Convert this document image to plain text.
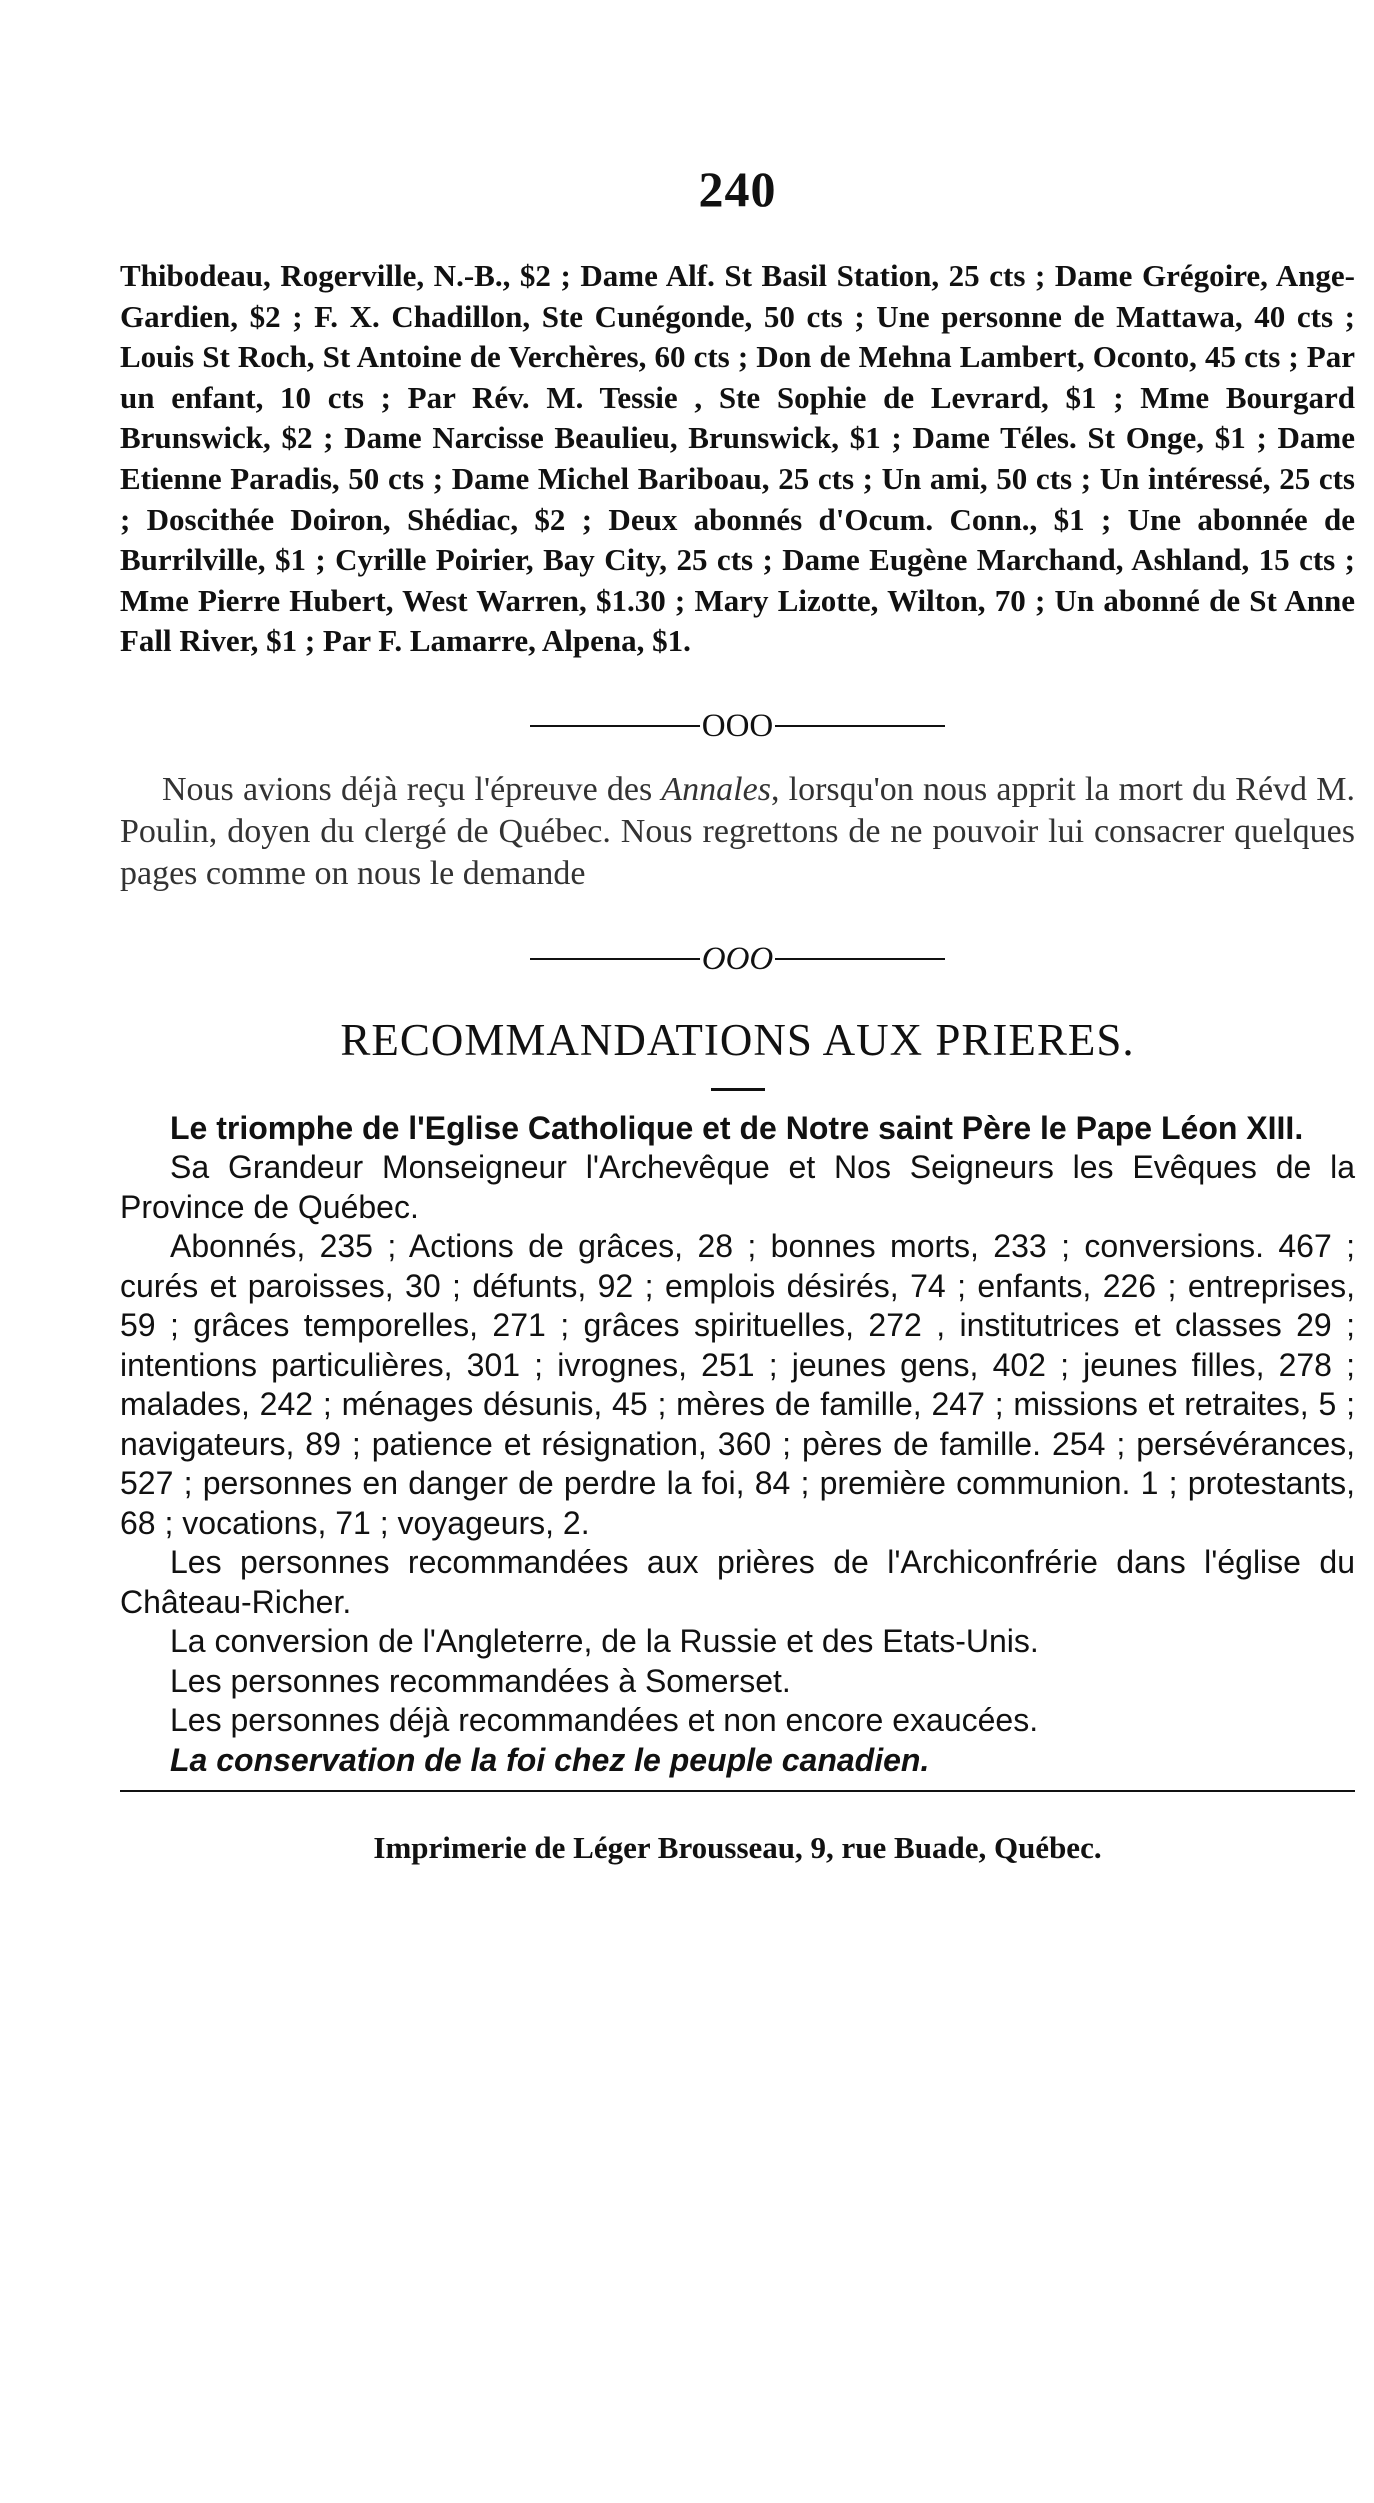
240

Thibodeau, Rogerville, N.-B., $2 ; Dame Alf. St Basil Station, 25 cts ; Dame Grégoire, Ange-Gardien, $2 ; F. X. Chadillon, Ste Cunégonde, 50 cts ; Une personne de Mattawa, 40 cts ; Louis St Roch, St Antoine de Verchères, 60 cts ; Don de Mehna Lambert, Oconto, 45 cts ; Par un enfant, 10 cts ; Par Rév. M. Tessie , Ste Sophie de Levrard, $1 ; Mme Bourgard Brunswick, $2 ; Dame Narcisse Beaulieu, Brunswick, $1 ; Dame Téles. St Onge, $1 ; Dame Etienne Paradis, 50 cts ; Dame Michel Bariboau, 25 cts ; Un ami, 50 cts ; Un intéressé, 25 cts ; Doscithée Doiron, Shédiac, $2 ; Deux abonnés d'Ocum. Conn., $1 ; Une abonnée de Burrilville, $1 ; Cyrille Poirier, Bay City, 25 cts ; Dame Eugène Marchand, Ashland, 15 cts ; Mme Pierre Hubert, West Warren, $1.30 ; Mary Lizotte, Wilton, 70 ; Un abonné de St Anne Fall River, $1 ; Par F. Lamarre, Alpena, $1.

OOO

Nous avions déjà reçu l'épreuve des Annales, lorsqu'on nous apprit la mort du Révd M. Poulin, doyen du clergé de Québec. Nous regrettons de ne pouvoir lui consacrer quelques pages comme on nous le demande

OOO
RECOMMANDATIONS AUX PRIERES.

Le triomphe de l'Eglise Catholique et de Notre saint Père le Pape Léon XIII.

Sa Grandeur Monseigneur l'Archevêque et Nos Seigneurs les Evêques de la Province de Québec.

Abonnés, 235 ; Actions de grâces, 28 ; bonnes morts, 233 ; conversions. 467 ; curés et paroisses, 30 ; défunts, 92 ; emplois désirés, 74 ; enfants, 226 ; entreprises, 59 ; grâces temporelles, 271 ; grâces spirituelles, 272 , institutrices et classes 29 ; intentions particulières, 301 ; ivrognes, 251 ; jeunes gens, 402 ; jeunes filles, 278 ; malades, 242 ; ménages désunis, 45 ; mères de famille, 247 ; missions et retraites, 5 ; navigateurs, 89 ; patience et résignation, 360 ; pères de famille. 254 ; persévérances, 527 ; personnes en danger de perdre la foi, 84 ; première communion. 1 ; protestants, 68 ; vocations, 71 ; voyageurs, 2.

Les personnes recommandées aux prières de l'Archiconfrérie dans l'église du Château-Richer.

La conversion de l'Angleterre, de la Russie et des Etats-Unis.

Les personnes recommandées à Somerset.

Les personnes déjà recommandées et non encore exaucées.

La conservation de la foi chez le peuple canadien.

Imprimerie de Léger Brousseau, 9, rue Buade, Québec.
